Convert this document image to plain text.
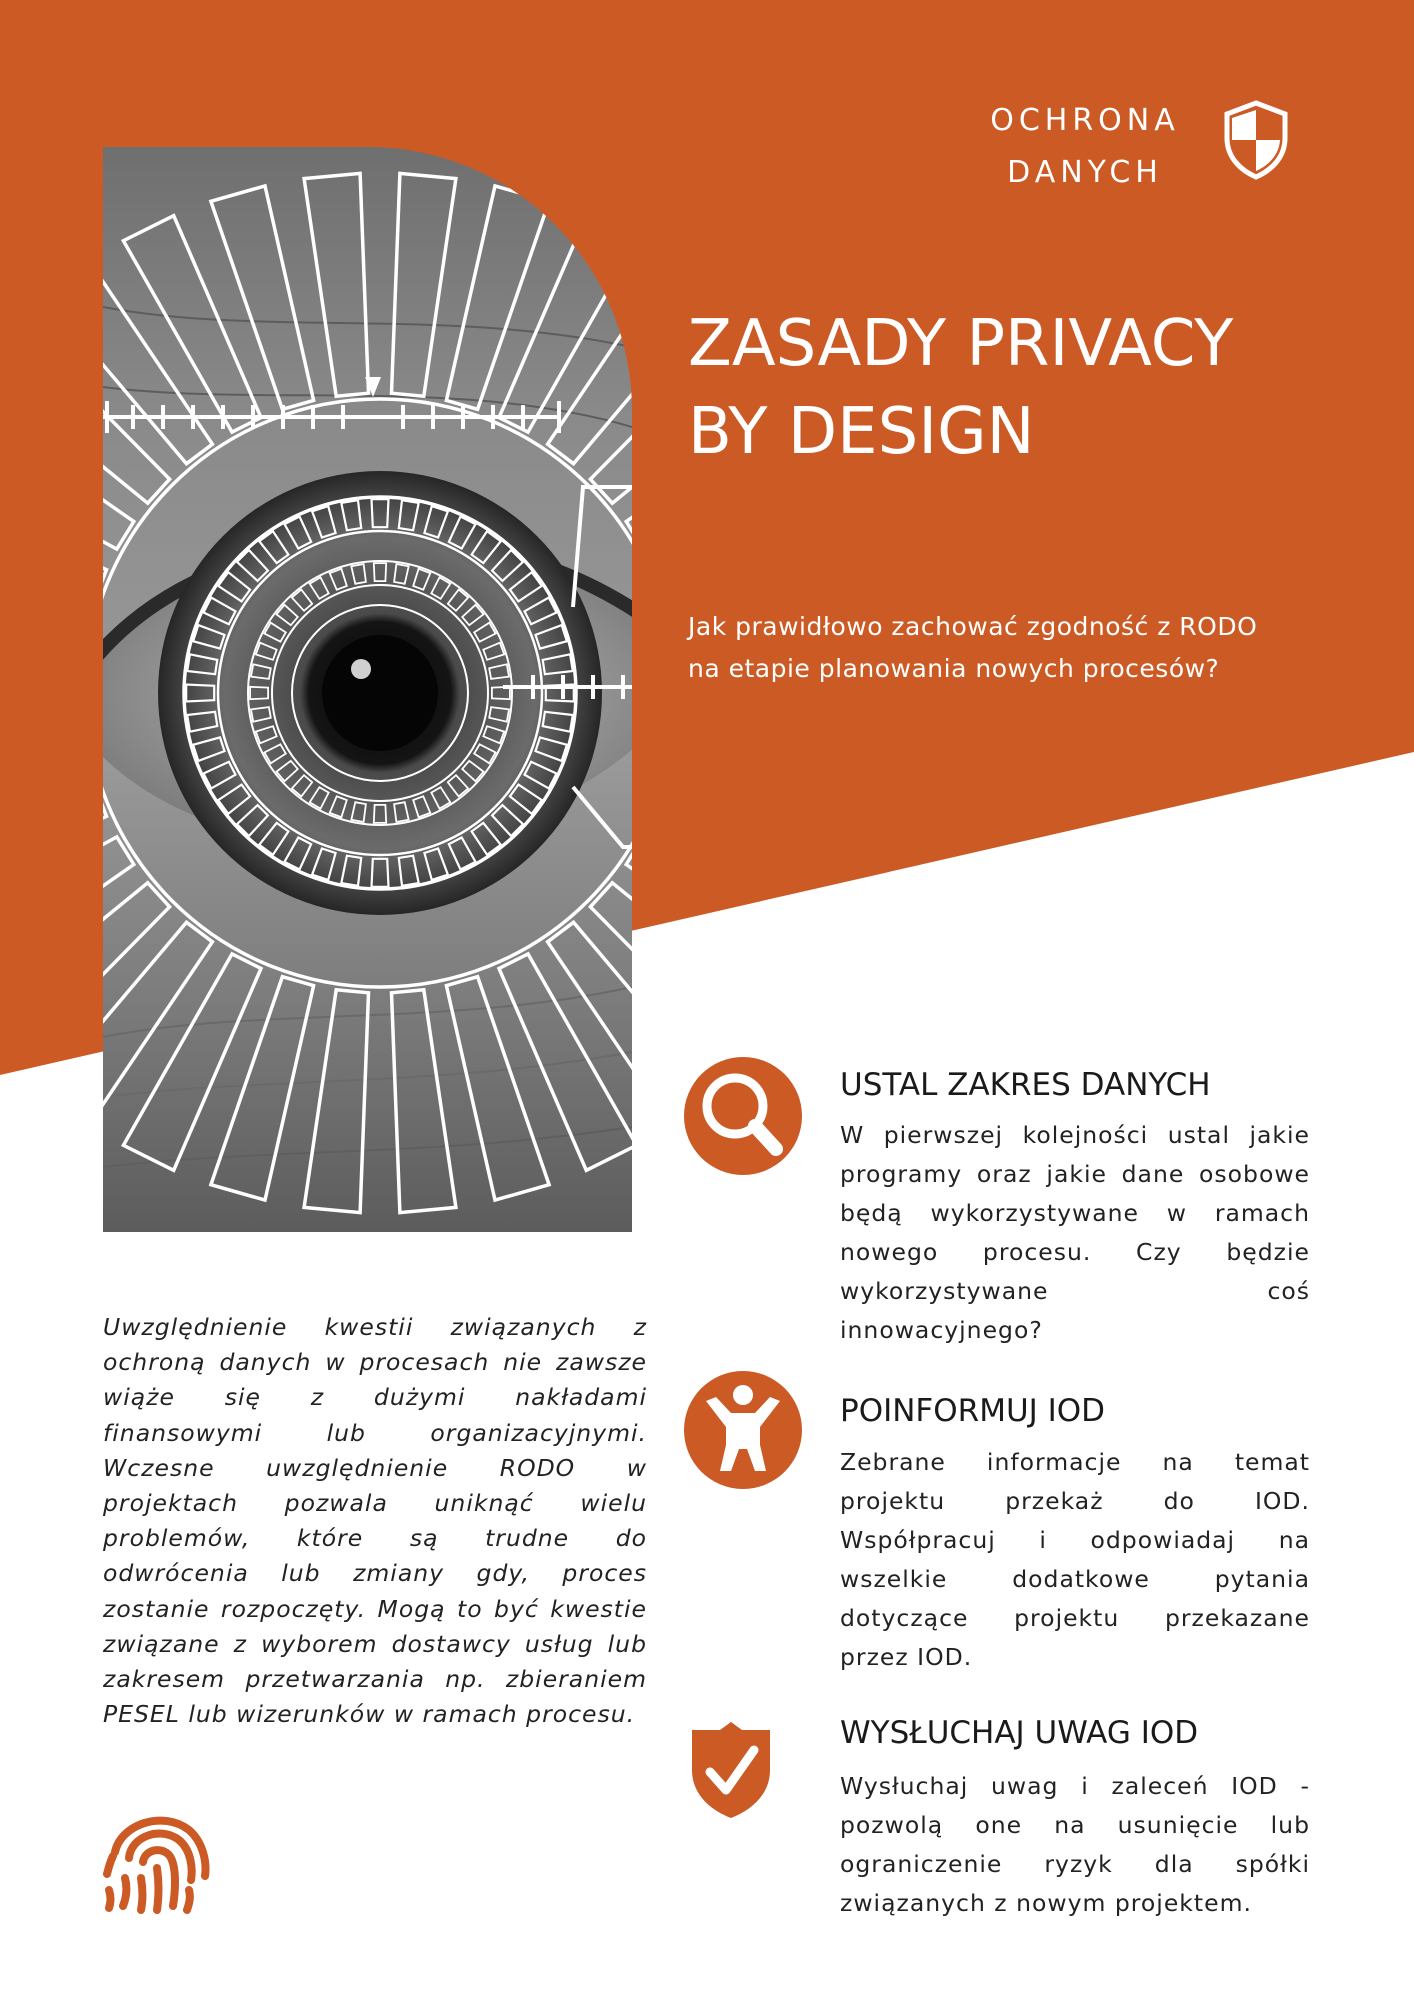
OCHRONA
DANYCH
ZASADY PRIVACY
BY DESIGN
Jak prawidłowo zachować zgodność z RODO
na etapie planowania nowych procesów?
Uwzględnienie kwestii związanych z
ochroną danych w procesach nie zawsze
wiąże się z dużymi nakładami
finansowymi lub organizacyjnymi.
Wczesne uwzględnienie RODO w
projektach pozwala uniknąć wielu
problemów, które są trudne do
odwrócenia lub zmiany gdy, proces
zostanie rozpoczęty. Mogą to być kwestie
związane z wyborem dostawcy usług lub
zakresem przetwarzania np. zbieraniem
PESEL lub wizerunków w ramach procesu.
USTAL ZAKRES DANYCH
W pierwszej kolejności ustal jakie
programy oraz jakie dane osobowe
będą wykorzystywane w ramach
nowego procesu. Czy będzie
wykorzystywane coś
innowacyjnego?
POINFORMUJ IOD
Zebrane informacje na temat
projektu przekaż do IOD.
Współpracuj i odpowiadaj na
wszelkie dodatkowe pytania
dotyczące projektu przekazane
przez IOD.
WYSŁUCHAJ UWAG IOD
Wysłuchaj uwag i zaleceń IOD -
pozwolą one na usunięcie lub
ograniczenie ryzyk dla spółki
związanych z nowym projektem.
